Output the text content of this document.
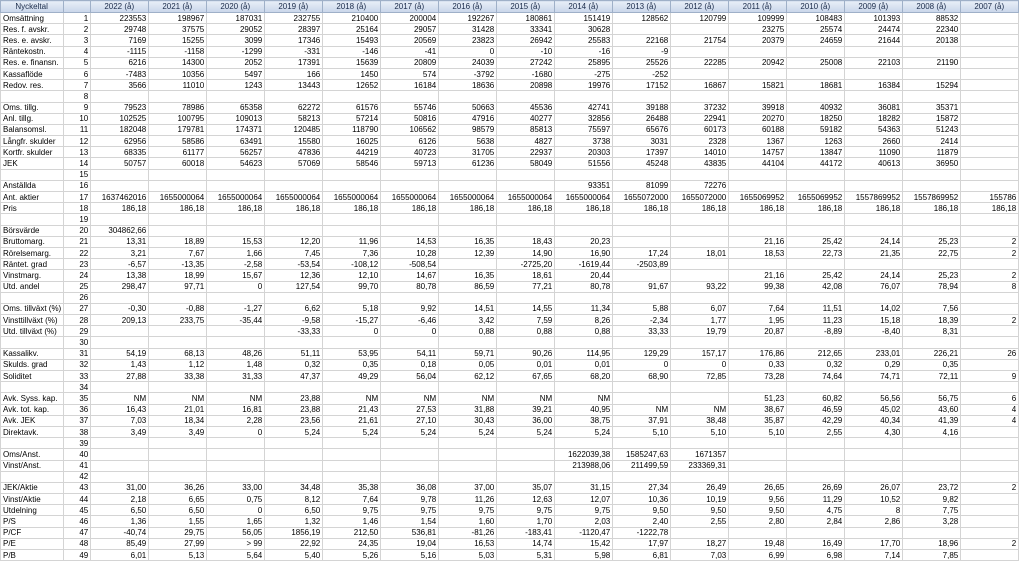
Nyckeltal		2022 (å)	2021 (å)	2020 (å)	2019 (å)	2018 (å)	2017 (å)	2016 (å)	2015 (å)	2014 (å)	2013 (å)	2012 (å)	2011 (å)	2010 (å)	2009 (å)	2008 (å)	2007 (å)
Omsättning	1	223553	198967	187031	232755	210400	200004	192267	180861	151419	128562	120799	109999	108483	101393	88532	
Res. f. avskr.	2	29748	37575	29052	28397	25164	29057	31428	33341	30628			23275	25574	24474	22340	
Res. e. avskr.	3	7169	15255	3099	17346	15493	20569	23823	26942	25583	22168	21754	20379	24659	21644	20138	
Räntekostn.	4	-1115	-1158	-1299	-331	-146	-41	0	-10	-16	-9						
Res. e. finansn.	5	6216	14300	2052	17391	15639	20809	24039	27242	25895	25526	22285	20942	25008	22103	21190	
Kassaflöde	6	-7483	10356	5497	166	1450	574	-3792	-1680	-275	-252						
Redov. res.	7	3566	11010	1243	13443	12652	16184	18636	20898	19976	17152	16867	15821	18681	16384	15294	
	8																
Oms. tillg.	9	79523	78986	65358	62272	61576	55746	50663	45536	42741	39188	37232	39918	40932	36081	35371	
Anl. tillg.	10	102525	100795	109013	58213	57214	50816	47916	40277	32856	26488	22941	20270	18250	18282	15872	
Balansomsl.	11	182048	179781	174371	120485	118790	106562	98579	85813	75597	65676	60173	60188	59182	54363	51243	
Långfr. skulder	12	62956	58586	63491	15580	16025	6126	5638	4827	3738	3031	2328	1367	1263	2660	2414	
Kortfr. skulder	13	68335	61177	56257	47836	44219	40723	31705	22937	20303	17397	14010	14757	13847	11090	11879	
JEK	14	50757	60018	54623	57069	58546	59713	61236	58049	51556	45248	43835	44104	44172	40613	36950	
	15																
Anställda	16									93351	81099	72276					
Ant. aktier	17	1637462016	1655000064	1655000064	1655000064	1655000064	1655000064	1655000064	1655000064	1655000064	1655072000	1655072000	1655069952	1655069952	1557869952	1557869952	155786
Pris	18	186,18	186,18	186,18	186,18	186,18	186,18	186,18	186,18	186,18	186,18	186,18	186,18	186,18	186,18	186,18	186,18
	19																
Börsvärde	20	304862,66															
Bruttomarg.	21	13,31	18,89	15,53	12,20	11,96	14,53	16,35	18,43	20,23			21,16	25,42	24,14	25,23	2
Rörelsemarg.	22	3,21	7,67	1,66	7,45	7,36	10,28	12,39	14,90	16,90	17,24	18,01	18,53	22,73	21,35	22,75	2
Räntet. grad	23	-6,57	-13,35	-2,58	-53,54	-108,12	-508,54		-2725,20	-1619,44	-2503,89						
Vinstmarg.	24	13,38	18,99	15,67	12,36	12,10	14,67	16,35	18,61	20,44			21,16	25,42	24,14	25,23	2
Utd. andel	25	298,47	97,71	0	127,54	99,70	80,78	86,59	77,21	80,78	91,67	93,22	99,38	42,08	76,07	78,94	8
	26																
Oms. tillväxt (%)	27	-0,30	-0,88	-1,27	6,62	5,18	9,92	14,51	14,55	11,34	5,88	6,07	7,64	11,51	14,02	7,56	
Vinsttillväxt (%)	28	209,13	233,75	-35,44	-9,58	-15,27	-6,46	3,42	7,59	8,26	-2,34	1,77	1,95	11,23	15,18	18,39	2
Utd. tillväxt (%)	29				-33,33	0	0	0,88	0,88	0,88	33,33	19,79	20,87	-8,89	-8,40	8,31	
	30																
Kassalikv.	31	54,19	68,13	48,26	51,11	53,95	54,11	59,71	90,26	114,95	129,29	157,17	176,86	212,65	233,01	226,21	26
Skulds. grad	32	1,43	1,12	1,48	0,32	0,35	0,18	0,05	0,01	0,01	0	0	0,33	0,32	0,29	0,35	
Soliditet	33	27,88	33,38	31,33	47,37	49,29	56,04	62,12	67,65	68,20	68,90	72,85	73,28	74,64	74,71	72,11	9
	34																
Avk. Syss. kap.	35	NM	NM	NM	23,88	NM	NM	NM	NM	NM			51,23	60,82	56,56	56,75	6
Avk. tot. kap.	36	16,43	21,01	16,81	23,88	21,43	27,53	31,88	39,21	40,95	NM	NM	38,67	46,59	45,02	43,60	4
Avk. JEK	37	7,03	18,34	2,28	23,56	21,61	27,10	30,43	36,00	38,75	37,91	38,48	35,87	42,29	40,34	41,39	4
Direktavk.	38	3,49	3,49	0	5,24	5,24	5,24	5,24	5,24	5,24	5,10	5,10	5,10	2,55	4,30	4,16	
	39																
Oms/Anst.	40									1622039,38	1585247,63	1671357					
Vinst/Anst.	41									213988,06	211499,59	233369,31					
	42																
JEK/Aktie	43	31,00	36,26	33,00	34,48	35,38	36,08	37,00	35,07	31,15	27,34	26,49	26,65	26,69	26,07	23,72	2
Vinst/Aktie	44	2,18	6,65	0,75	8,12	7,64	9,78	11,26	12,63	12,07	10,36	10,19	9,56	11,29	10,52	9,82	
Utdelning	45	6,50	6,50	0	6,50	9,75	9,75	9,75	9,75	9,75	9,50	9,50	9,50	4,75	8	7,75	
P/S	46	1,36	1,55	1,65	1,32	1,46	1,54	1,60	1,70	2,03	2,40	2,55	2,80	2,84	2,86	3,28	
P/CF	47	-40,74	29,75	56,05	1856,19	212,50	536,81	-81,26	-183,41	-1120,47	-1222,78						
P/E	48	85,49	27,99	> 99	22,92	24,35	19,04	16,53	14,74	15,42	17,97	18,27	19,48	16,49	17,70	18,96	2
P/B	49	6,01	5,13	5,64	5,40	5,26	5,16	5,03	5,31	5,98	6,81	7,03	6,99	6,98	7,14	7,85	
